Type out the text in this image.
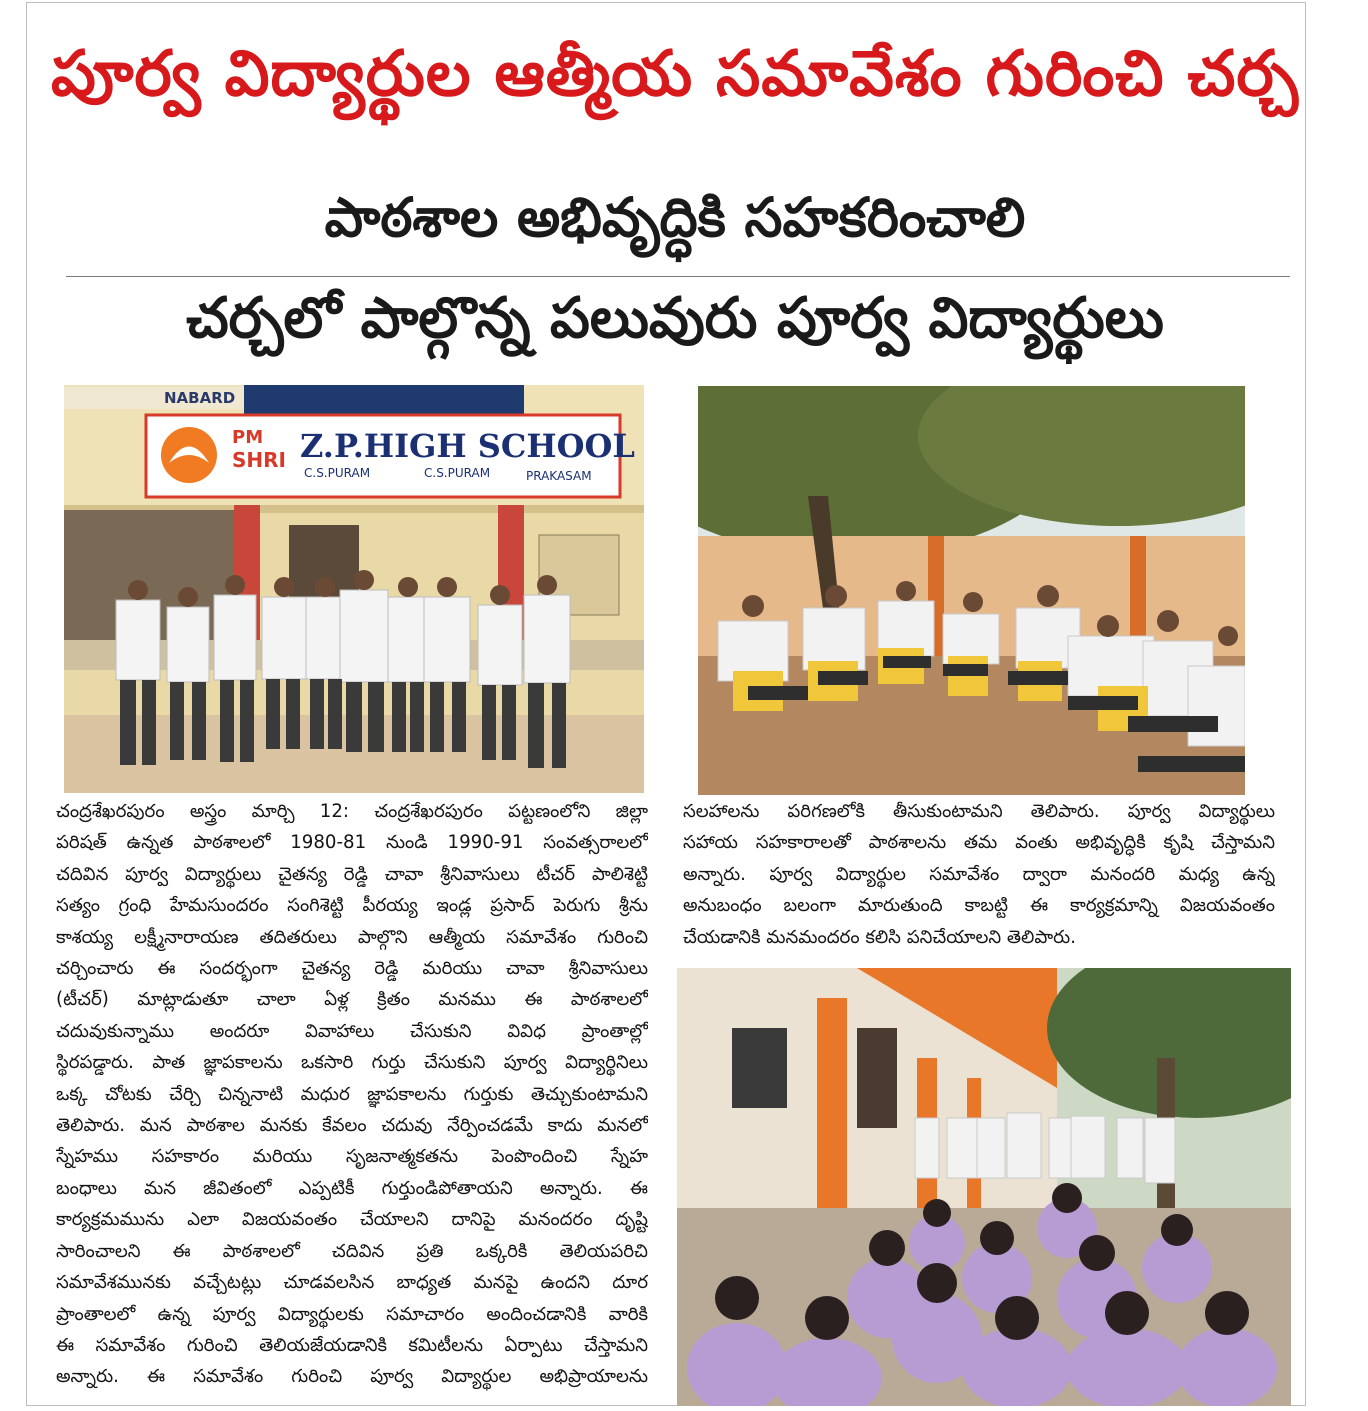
పూర్వ విద్యార్థుల ఆత్మీయ సమావేశం గురించి చర్చ
పాఠశాల అభివృద్ధికి సహకరించాలి
చర్చలో పాల్గొన్న పలువురు పూర్వ విద్యార్థులు
NABARD
PM
SHRI Z.P.HIGH SCHOOL
C.S.PURAM	C.S.PURAM	PRAKASAM
చంద్రశేఖరపురం అస్త్రం మార్చి 12: చంద్రశేఖరపురం పట్టణంలోని జిల్లా
పరిషత్ ఉన్నత పాఠశాలలో 1980-81 నుండి 1990-91 సంవత్సరాలలో
చదివిన పూర్వ విద్యార్థులు చైతన్య రెడ్డి చావా శ్రీనివాసులు టీచర్ పాలిశెట్టి
సత్యం గ్రంధి హేమసుందరం సంగిశెట్టి పీరయ్య ఇండ్ల ప్రసాద్ పెరుగు శ్రీను
కాశయ్య లక్ష్మీనారాయణ తదితరులు పాల్గొని ఆత్మీయ సమావేశం గురించి
చర్చించారు ఈ సందర్భంగా చైతన్య రెడ్డి మరియు చావా శ్రీనివాసులు
(టీచర్) మాట్లాడుతూ చాలా ఏళ్ల క్రితం మనము ఈ పాఠశాలలో
చదువుకున్నాము అందరూ వివాహాలు చేసుకుని వివిధ ప్రాంతాల్లో
స్థిరపడ్డారు. పాత జ్ఞాపకాలను ఒకసారి గుర్తు చేసుకుని పూర్వ విద్యార్థినిలు
ఒక్క చోటకు చేర్చి చిన్ననాటి మధుర జ్ఞాపకాలను గుర్తుకు తెచ్చుకుంటామని
తెలిపారు. మన పాఠశాల మనకు కేవలం చదువు నేర్పించడమే కాదు మనలో
స్నేహము సహకారం మరియు సృజనాత్మకతను పెంపొందించి స్నేహ
బంధాలు మన జీవితంలో ఎప్పటికీ గుర్తుండిపోతాయని అన్నారు. ఈ
కార్యక్రమమును ఎలా విజయవంతం చేయాలని దానిపై మనందరం దృష్టి
సారించాలని ఈ పాఠశాలలో చదివిన ప్రతి ఒక్కరికి తెలియపరిచి
సమావేశమునకు వచ్చేటట్లు చూడవలసిన బాధ్యత మనపై ఉందని దూర
ప్రాంతాలలో ఉన్న పూర్వ విద్యార్థులకు సమాచారం అందించడానికి వారికి
ఈ సమావేశం గురించి తెలియజేయడానికి కమిటీలను ఏర్పాటు చేస్తామని
అన్నారు. ఈ సమావేశం గురించి పూర్వ విద్యార్థుల అభిప్రాయాలను
సలహాలను పరిగణలోకి తీసుకుంటామని తెలిపారు. పూర్వ విద్యార్థులు
సహాయ సహకారాలతో పాఠశాలను తమ వంతు అభివృద్ధికి కృషి చేస్తామని
అన్నారు. పూర్వ విద్యార్థుల సమావేశం ద్వారా మనందరి మధ్య ఉన్న
అనుబంధం బలంగా మారుతుంది కాబట్టి ఈ కార్యక్రమాన్ని విజయవంతం
చేయడానికి మనమందరం కలిసి పనిచేయాలని తెలిపారు.
